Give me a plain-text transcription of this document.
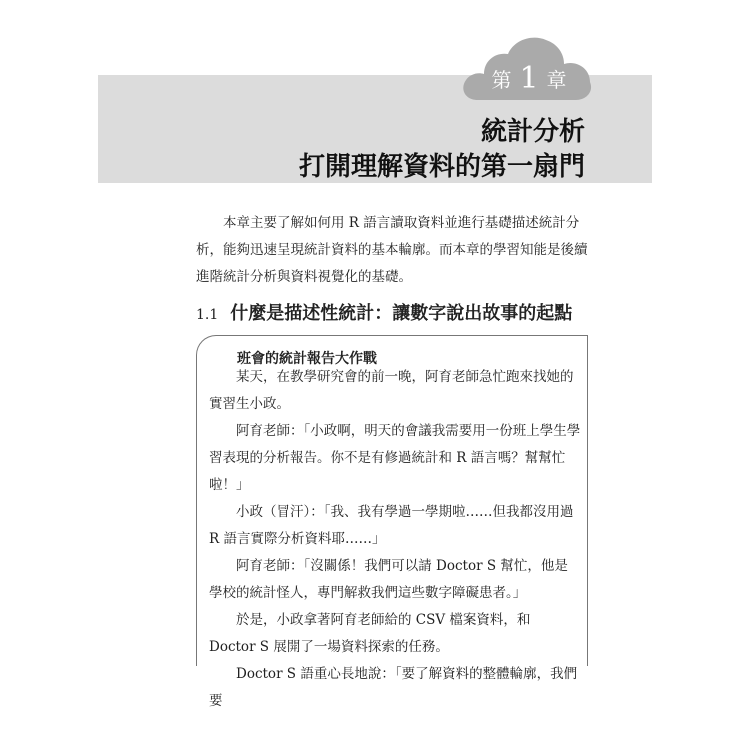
第 1 章
統計分析
打開理解資料的第一扇門

本章主要了解如何用 R 語言讀取資料並進行基礎描述統計分析，能夠迅速呈現統計資料的基本輪廓。而本章的學習知能是後續進階統計分析與資料視覺化的基礎。

1.1 什麼是描述性統計：讓數字說出故事的起點
班會的統計報告大作戰

某天，在教學研究會的前一晚，阿育老師急忙跑來找她的實習生小政。

阿育老師：「小政啊，明天的會議我需要用一份班上學生學習表現的分析報告。你不是有修過統計和 R 語言嗎？幫幫忙啦！」

小政（冒汗）：「我、我有學過一學期啦……但我都沒用過 R 語言實際分析資料耶……」

阿育老師：「沒關係！我們可以請 Doctor S 幫忙，他是學校的統計怪人，專門解救我們這些數字障礙患者。」

於是，小政拿著阿育老師給的 CSV 檔案資料，和 Doctor S 展開了一場資料探索的任務。

Doctor S 語重心長地說：「要了解資料的整體輪廓，我們要
